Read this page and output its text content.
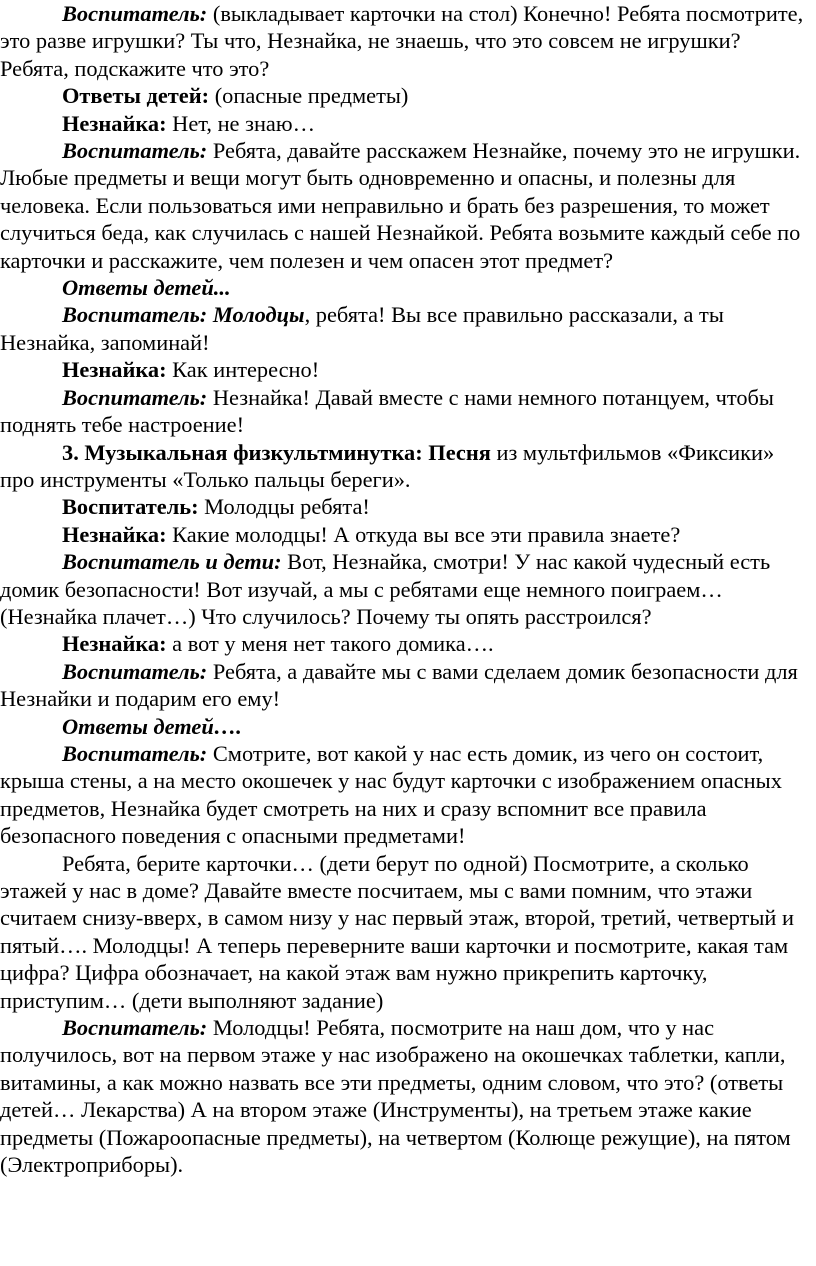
Воспитатель: (выкладывает карточки на стол) Конечно! Ребята посмотрите, это разве игрушки? Ты что, Незнайка, не знаешь, что это совсем не игрушки? Ребята, подскажите что это?
Ответы детей: (опасные предметы)
Незнайка: Нет, не знаю…
Воспитатель: Ребята, давайте расскажем Незнайке, почему это не игрушки. Любые предметы и вещи могут быть одновременно и опасны, и полезны для человека. Если пользоваться ими неправильно и брать без разрешения, то может случиться беда, как случилась с нашей Незнайкой. Ребята возьмите каждый себе по карточки и расскажите, чем полезен и чем опасен этот предмет?
Ответы детей...
Воспитатель: Молодцы, ребята! Вы все правильно рассказали, а ты Незнайка, запоминай!
Незнайка: Как интересно!
Воспитатель: Незнайка! Давай вместе с нами немного потанцуем, чтобы поднять тебе настроение!
3. Музыкальная физкультминутка: Песня из мультфильмов «Фиксики» про инструменты «Только пальцы береги».
Воспитатель: Молодцы ребята!
Незнайка: Какие молодцы! А откуда вы все эти правила знаете?
Воспитатель и дети: Вот, Незнайка, смотри! У нас какой чудесный есть домик безопасности! Вот изучай, а мы с ребятами еще немного поиграем… (Незнайка плачет…) Что случилось? Почему ты опять расстроился?
Незнайка: а вот у меня нет такого домика….
Воспитатель: Ребята, а давайте мы с вами сделаем домик безопасности для Незнайки и подарим его ему!
Ответы детей….
Воспитатель: Смотрите, вот какой у нас есть домик, из чего он состоит, крыша стены, а на место окошечек у нас будут карточки с изображением опасных предметов, Незнайка будет смотреть на них и сразу вспомнит все правила безопасного поведения с опасными предметами!
Ребята, берите карточки… (дети берут по одной) Посмотрите, а сколько этажей у нас в доме? Давайте вместе посчитаем, мы с вами помним, что этажи считаем снизу-вверх, в самом низу у нас первый этаж, второй, третий, четвертый и пятый…. Молодцы! А теперь переверните ваши карточки и посмотрите, какая там цифра? Цифра обозначает, на какой этаж вам нужно прикрепить карточку, приступим… (дети выполняют задание)
Воспитатель: Молодцы! Ребята, посмотрите на наш дом, что у нас получилось, вот на первом этаже у нас изображено на окошечках таблетки, капли, витамины, а как можно назвать все эти предметы, одним словом, что это? (ответы детей… Лекарства) А на втором этаже (Инструменты), на третьем этаже какие предметы (Пожароопасные предметы), на четвертом (Колюще режущие), на пятом (Электроприборы).
